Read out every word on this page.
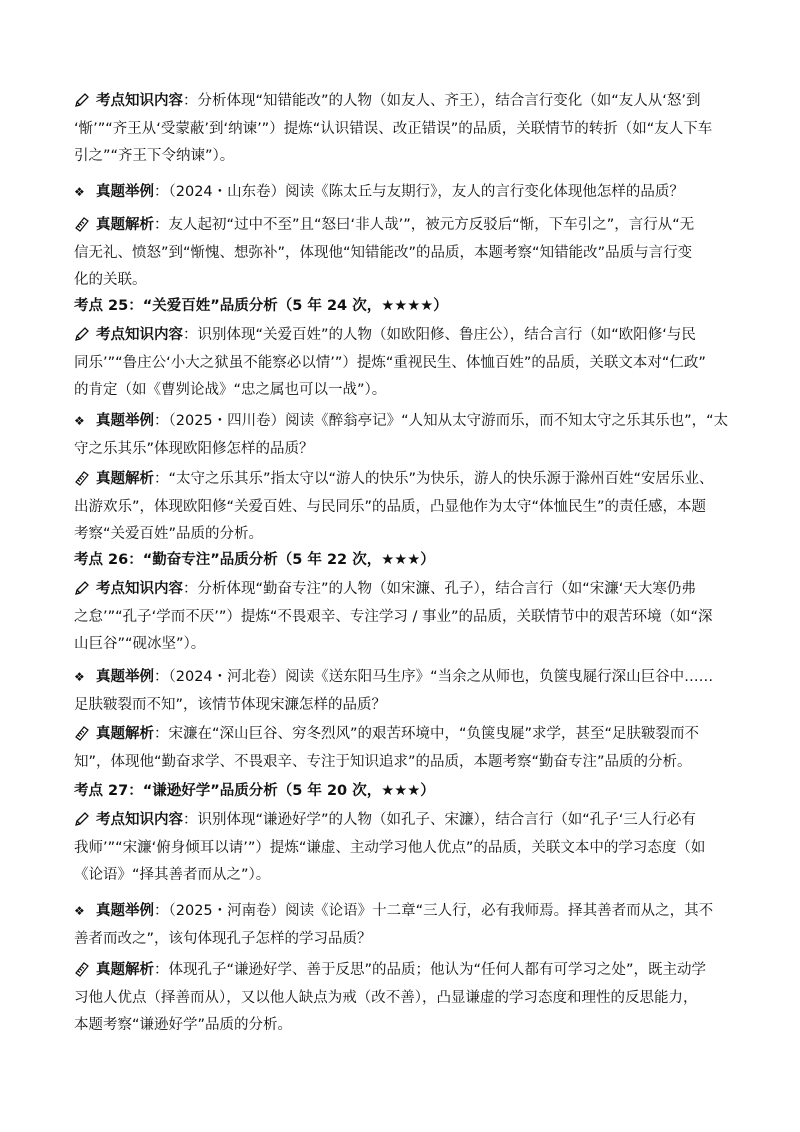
考点知识内容：分析体现“知错能改”的人物（如友人、齐王），结合言行变化（如“友人从‘怒’到
‘惭’”“齐王从‘受蒙蔽’到‘纳谏’”）提炼“认识错误、改正错误”的品质，关联情节的转折（如“友人下车
引之”“齐王下令纳谏”）。
❖ 真题举例：（2024・山东卷）阅读《陈太丘与友期行》，友人的言行变化体现他怎样的品质？
真题解析：友人起初“过中不至”且“怒曰‘非人哉’”，被元方反驳后“惭，下车引之”，言行从“无
信无礼、愤怒”到“惭愧、想弥补”，体现他“知错能改”的品质，本题考察“知错能改”品质与言行变
化的关联。
考点 25：“关爱百姓”品质分析（5 年 24 次，★★★★）
考点知识内容：识别体现“关爱百姓”的人物（如欧阳修、鲁庄公），结合言行（如“欧阳修‘与民
同乐’”“鲁庄公‘小大之狱虽不能察必以情’”）提炼“重视民生、体恤百姓”的品质，关联文本对“仁政”
的肯定（如《曹刿论战》“忠之属也可以一战”）。
❖ 真题举例：（2025・四川卷）阅读《醉翁亭记》“人知从太守游而乐，而不知太守之乐其乐也”，“太
守之乐其乐”体现欧阳修怎样的品质？
真题解析：“太守之乐其乐”指太守以“游人的快乐”为快乐，游人的快乐源于滁州百姓“安居乐业、
出游欢乐”，体现欧阳修“关爱百姓、与民同乐”的品质，凸显他作为太守“体恤民生”的责任感，本题
考察“关爱百姓”品质的分析。
考点 26：“勤奋专注”品质分析（5 年 22 次，★★★）
考点知识内容：分析体现“勤奋专注”的人物（如宋濂、孔子），结合言行（如“宋濂‘天大寒仍弗
之怠’”“孔子‘学而不厌’”）提炼“不畏艰辛、专注学习 / 事业”的品质，关联情节中的艰苦环境（如“深
山巨谷”“砚冰坚”）。
❖ 真题举例：（2024・河北卷）阅读《送东阳马生序》“当余之从师也，负箧曳屣行深山巨谷中……
足肤皲裂而不知”，该情节体现宋濂怎样的品质？
真题解析：宋濂在“深山巨谷、穷冬烈风”的艰苦环境中，“负箧曳屣”求学，甚至“足肤皲裂而不
知”，体现他“勤奋求学、不畏艰辛、专注于知识追求”的品质，本题考察“勤奋专注”品质的分析。
考点 27：“谦逊好学”品质分析（5 年 20 次，★★★）
考点知识内容：识别体现“谦逊好学”的人物（如孔子、宋濂），结合言行（如“孔子‘三人行必有
我师’”“宋濂‘俯身倾耳以请’”）提炼“谦虚、主动学习他人优点”的品质，关联文本中的学习态度（如
《论语》“择其善者而从之”）。
❖ 真题举例：（2025・河南卷）阅读《论语》十二章“三人行，必有我师焉。择其善者而从之，其不
善者而改之”，该句体现孔子怎样的学习品质？
真题解析：体现孔子“谦逊好学、善于反思”的品质；他认为“任何人都有可学习之处”，既主动学
习他人优点（择善而从），又以他人缺点为戒（改不善），凸显谦虚的学习态度和理性的反思能力，
本题考察“谦逊好学”品质的分析。
